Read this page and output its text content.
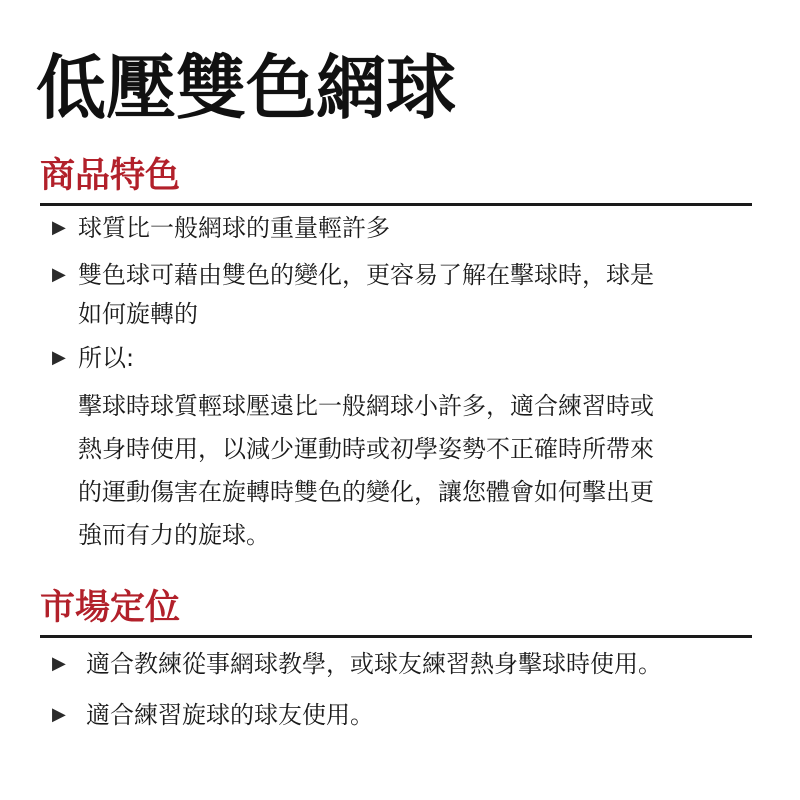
低壓雙色網球
商品特色
▶ 球質比一般網球的重量輕許多
▶ 雙色球可藉由雙色的變化，更容易了解在擊球時，球是
如何旋轉的
▶ 所以:
擊球時球質輕球壓遠比一般網球小許多，適合練習時或
熱身時使用，以減少運動時或初學姿勢不正確時所帶來
的運動傷害在旋轉時雙色的變化，讓您體會如何擊出更
強而有力的旋球。
市場定位
▶ 適合教練從事網球教學，或球友練習熱身擊球時使用。
▶ 適合練習旋球的球友使用。
